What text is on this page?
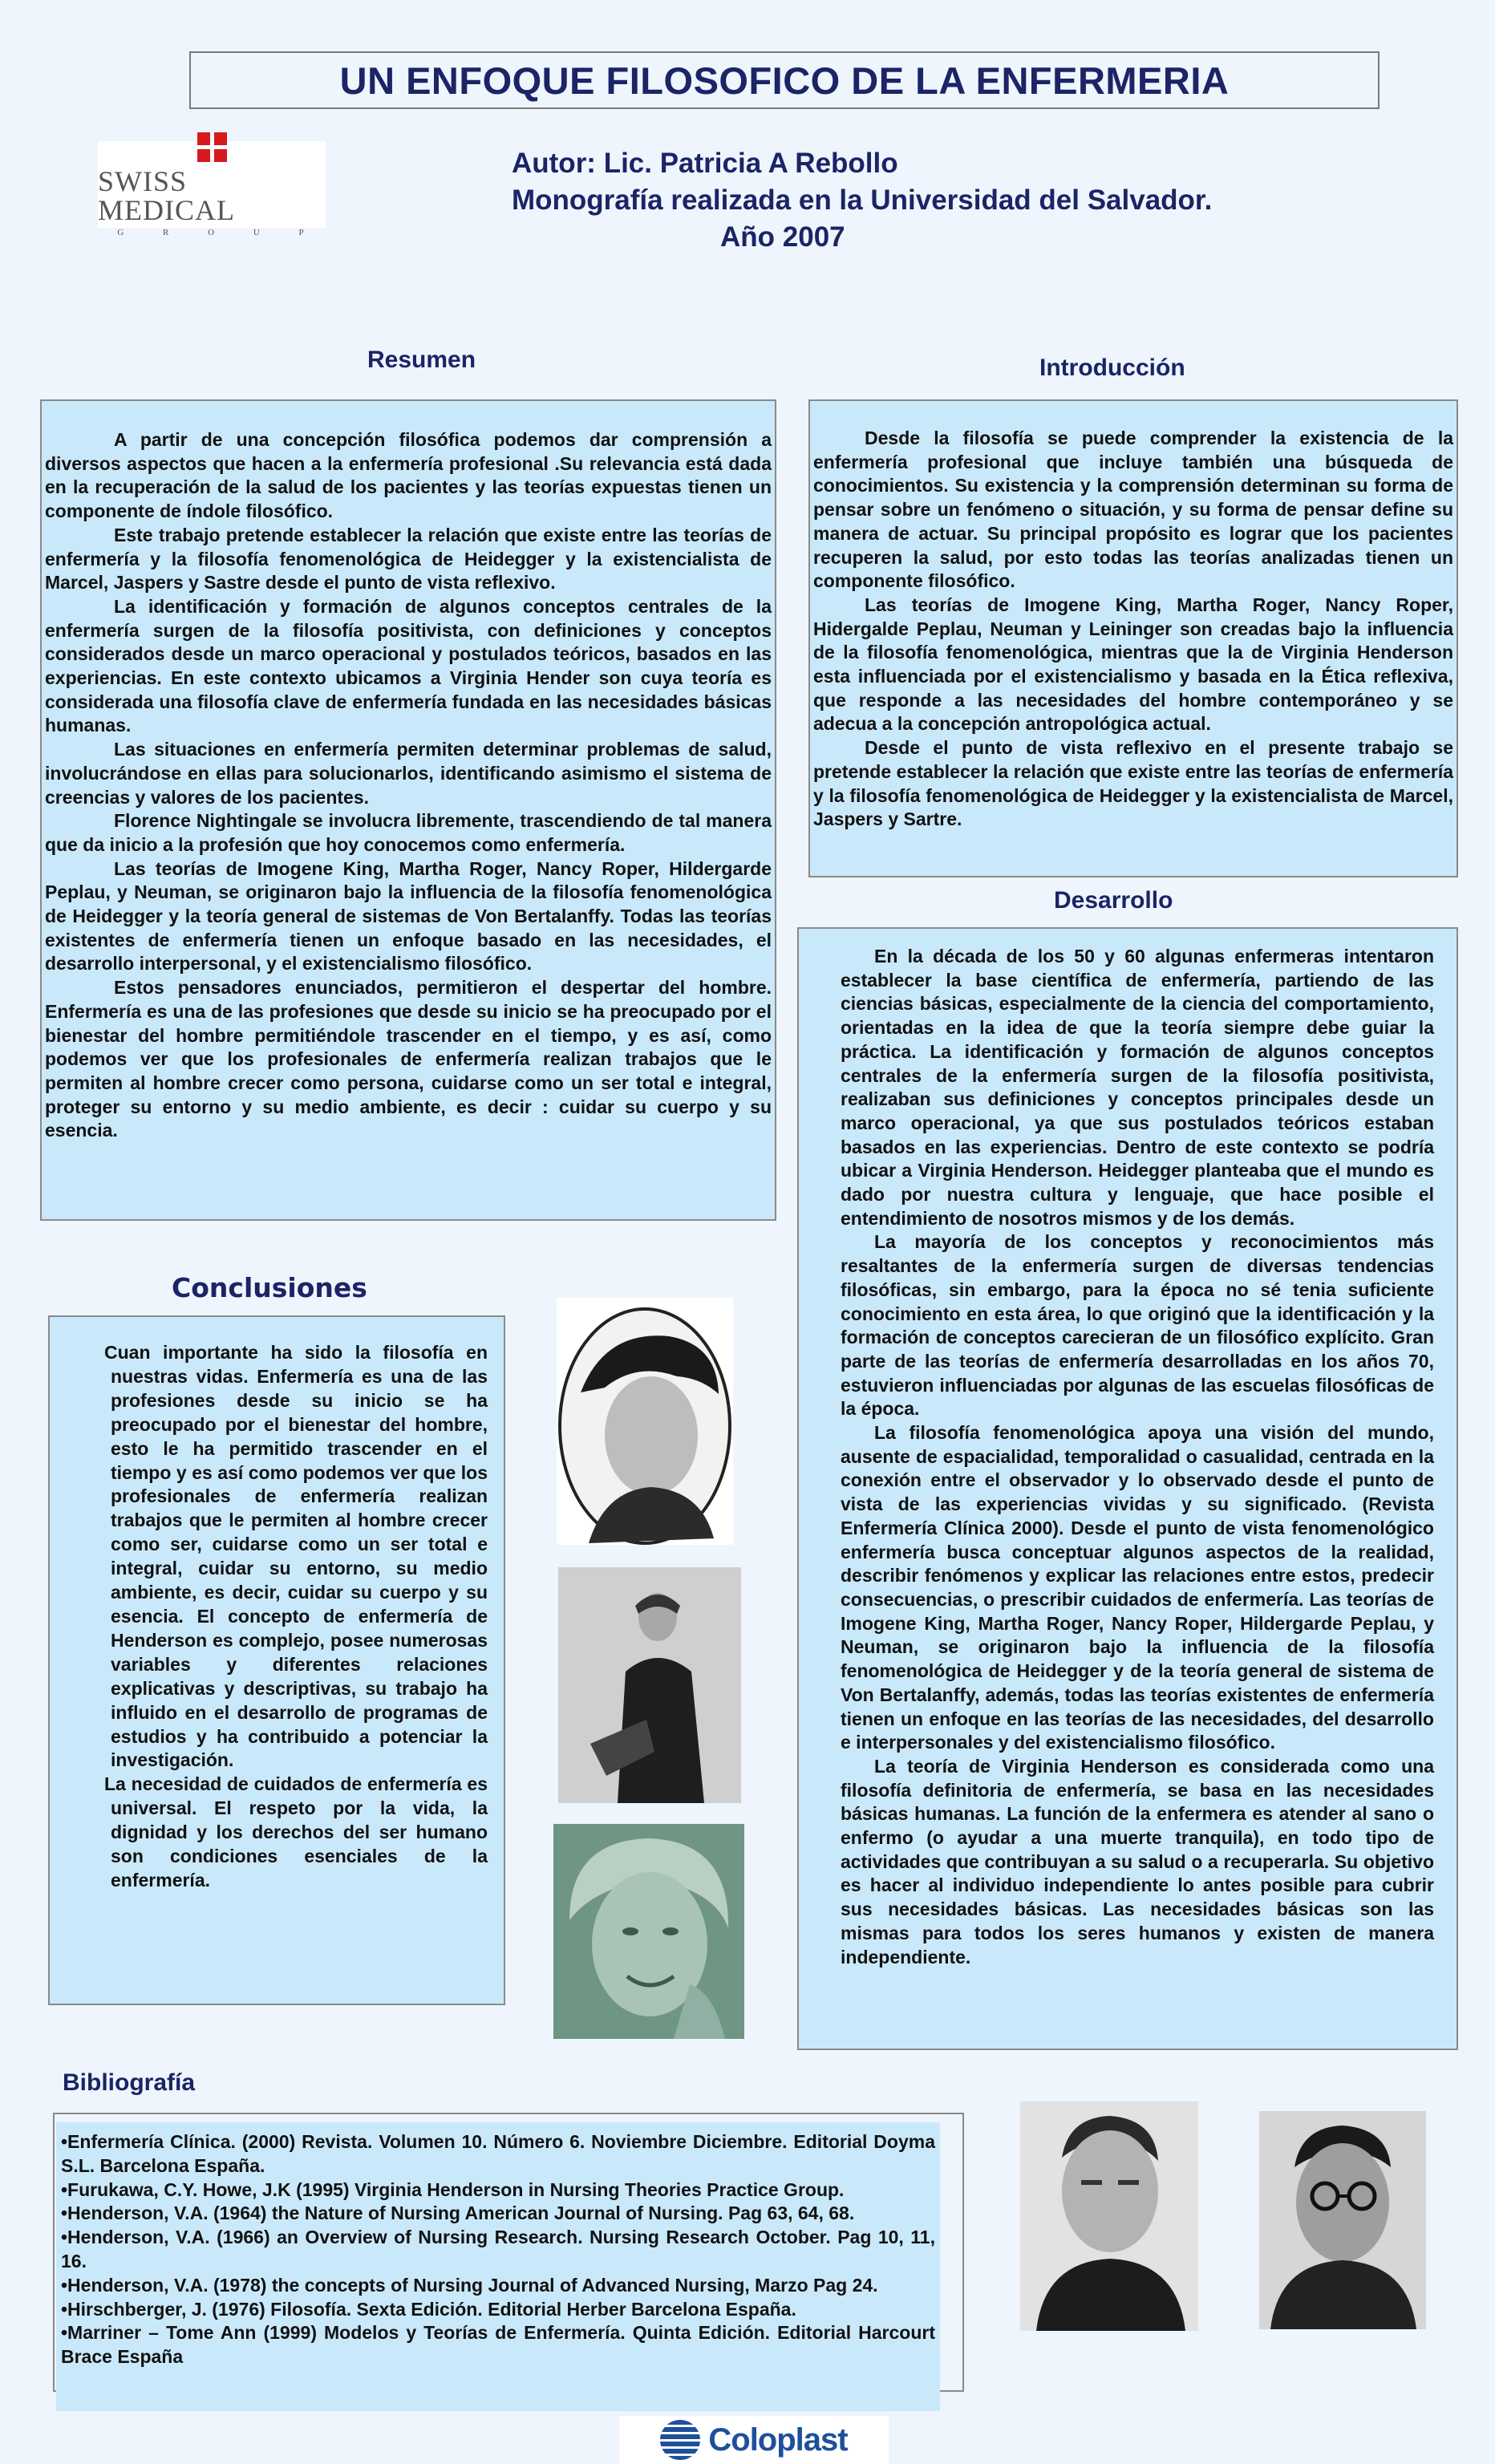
UN ENFOQUE FILOSOFICO DE LA ENFERMERIA
SWISS MEDICAL
G R O U P
Autor: Lic. Patricia A Rebollo
Monografía realizada en la Universidad del Salvador.
Año 2007
Resumen	Introducción
Desarrollo
Conclusiones
Bibliografía

A partir de una concepción filosófica podemos dar comprensión a diversos aspectos que hacen a la enfermería profesional .Su relevancia está dada en la recuperación de la salud de los pacientes y las teorías expuestas tienen un componente de índole filosófico.

Este trabajo pretende establecer la relación que existe entre las teorías de enfermería y la filosofía fenomenológica de Heidegger y la existencialista de Marcel, Jaspers y Sastre desde el punto de vista reflexivo.

La identificación y formación de algunos conceptos centrales de la enfermería surgen de la filosofía positivista, con definiciones y conceptos considerados desde un marco operacional y postulados teóricos, basados en las experiencias. En este contexto ubicamos a Virginia Hender son cuya teoría es considerada una filosofía clave de enfermería fundada en las necesidades básicas humanas.

Las situaciones en enfermería permiten determinar problemas de salud, involucrándose en ellas para solucionarlos, identificando asimismo el sistema de creencias y valores de los pacientes.

Florence Nightingale se involucra libremente, trascendiendo de tal manera que da inicio a la profesión que hoy conocemos como enfermería.

Las teorías de Imogene King, Martha Roger, Nancy Roper, Hildergarde Peplau, y Neuman, se originaron bajo la influencia de la filosofía fenomenológica de Heidegger y la teoría general de sistemas de Von Bertalanffy. Todas las teorías existentes de enfermería tienen un enfoque basado en las necesidades, el desarrollo interpersonal, y el existencialismo filosófico.

Estos pensadores enunciados, permitieron el despertar del hombre. Enfermería es una de las profesiones que desde su inicio se ha preocupado por el bienestar del hombre permitiéndole trascender en el tiempo, y es así, como podemos ver que los profesionales de enfermería realizan trabajos que le permiten al hombre crecer como persona, cuidarse como un ser total e integral, proteger su entorno y su medio ambiente, es decir : cuidar su cuerpo y su esencia.

Desde la filosofía se puede comprender la existencia de la enfermería profesional que incluye también una búsqueda de conocimientos. Su existencia y la comprensión determinan su forma de pensar sobre un fenómeno o situación, y su forma de pensar define su manera de actuar. Su principal propósito es lograr que los pacientes recuperen la salud, por esto todas las teorías analizadas tienen un componente filosófico.

Las teorías de Imogene King, Martha Roger, Nancy Roper, Hidergalde Peplau, Neuman y Leininger son creadas bajo la influencia de la filosofía fenomenológica, mientras que la de Virginia Henderson esta influenciada por el existencialismo y basada en la Ética reflexiva, que responde a las necesidades del hombre contemporáneo y se adecua a la concepción antropológica actual.

Desde el punto de vista reflexivo en el presente trabajo se pretende establecer la relación que existe entre las teorías de enfermería y la filosofía fenomenológica de Heidegger y la existencialista de Marcel, Jaspers y Sartre.

En la década de los 50 y 60 algunas enfermeras intentaron establecer la base científica de enfermería, partiendo de las ciencias básicas, especialmente de la ciencia del comportamiento, orientadas en la idea de que la teoría siempre debe guiar la práctica. La identificación y formación de algunos conceptos centrales de la enfermería surgen de la filosofía positivista, realizaban sus definiciones y conceptos principales desde un marco operacional, ya que sus postulados teóricos estaban basados en las experiencias. Dentro de este contexto se podría ubicar a Virginia Henderson. Heidegger planteaba que el mundo es dado por nuestra cultura y lenguaje, que hace posible el entendimiento de nosotros mismos y de los demás.

La mayoría de los conceptos y reconocimientos más resaltantes de la enfermería surgen de diversas tendencias filosóficas, sin embargo, para la época no sé tenia suficiente conocimiento en esta área, lo que originó que la identificación y la formación de conceptos carecieran de un filosófico explícito. Gran parte de las teorías de enfermería desarrolladas en los años 70, estuvieron influenciadas por algunas de las escuelas filosóficas de la época.

La filosofía fenomenológica apoya una visión del mundo, ausente de espacialidad, temporalidad o casualidad, centrada en la conexión entre el observador y lo observado desde el punto de vista de las experiencias vividas y su significado. (Revista Enfermería Clínica 2000). Desde el punto de vista fenomenológico enfermería busca conceptuar algunos aspectos de la realidad, describir fenómenos y explicar las relaciones entre estos, predecir consecuencias, o prescribir cuidados de enfermería. Las teorías de Imogene King, Martha Roger, Nancy Roper, Hildergarde Peplau, y Neuman, se originaron bajo la influencia de la filosofía fenomenológica de Heidegger y de la teoría general de sistema de Von Bertalanffy, además, todas las teorías existentes de enfermería tienen un enfoque en las teorías de las necesidades, del desarrollo e interpersonales y del existencialismo filosófico.

La teoría de Virginia Henderson es considerada como una filosofía definitoria de enfermería, se basa en las necesidades básicas humanas. La función de la enfermera es atender al sano o enfermo (o ayudar a una muerte tranquila), en todo tipo de actividades que contribuyan a su salud o a recuperarla. Su objetivo es hacer al individuo independiente lo antes posible para cubrir sus necesidades básicas. Las necesidades básicas son las mismas para todos los seres humanos y existen de manera independiente.

Cuan importante ha sido la filosofía en nuestras vidas. Enfermería es una de las profesiones desde su inicio se ha preocupado por el bienestar del hombre, esto le ha permitido trascender en el tiempo y es así como podemos ver que los profesionales de enfermería realizan trabajos que le permiten al hombre crecer como ser, cuidarse como un ser total e integral, cuidar su entorno, su medio ambiente, es decir, cuidar su cuerpo y su esencia. El concepto de enfermería de Henderson es complejo, posee numerosas variables y diferentes relaciones explicativas y descriptivas, su trabajo ha influido en el desarrollo de programas de estudios y ha contribuido a potenciar la investigación.

La necesidad de cuidados de enfermería es universal. El respeto por la vida, la dignidad y los derechos del ser humano son condiciones esenciales de la enfermería.

•Enfermería Clínica. (2000) Revista. Volumen 10. Número 6. Noviembre Diciembre. Editorial Doyma S.L. Barcelona España.

•Furukawa, C.Y. Howe, J.K (1995) Virginia Henderson in Nursing Theories Practice Group.

•Henderson, V.A. (1964) the Nature of Nursing American Journal of Nursing. Pag 63, 64, 68.

•Henderson, V.A. (1966) an Overview of Nursing Research. Nursing Research October. Pag 10, 11, 16.

•Henderson, V.A. (1978) the concepts of Nursing Journal of Advanced Nursing, Marzo Pag 24.

•Hirschberger, J. (1976) Filosofía. Sexta Edición. Editorial Herber Barcelona España.

•Marriner – Tome Ann (1999) Modelos y Teorías de Enfermería. Quinta Edición. Editorial Harcourt Brace España

Coloplast
